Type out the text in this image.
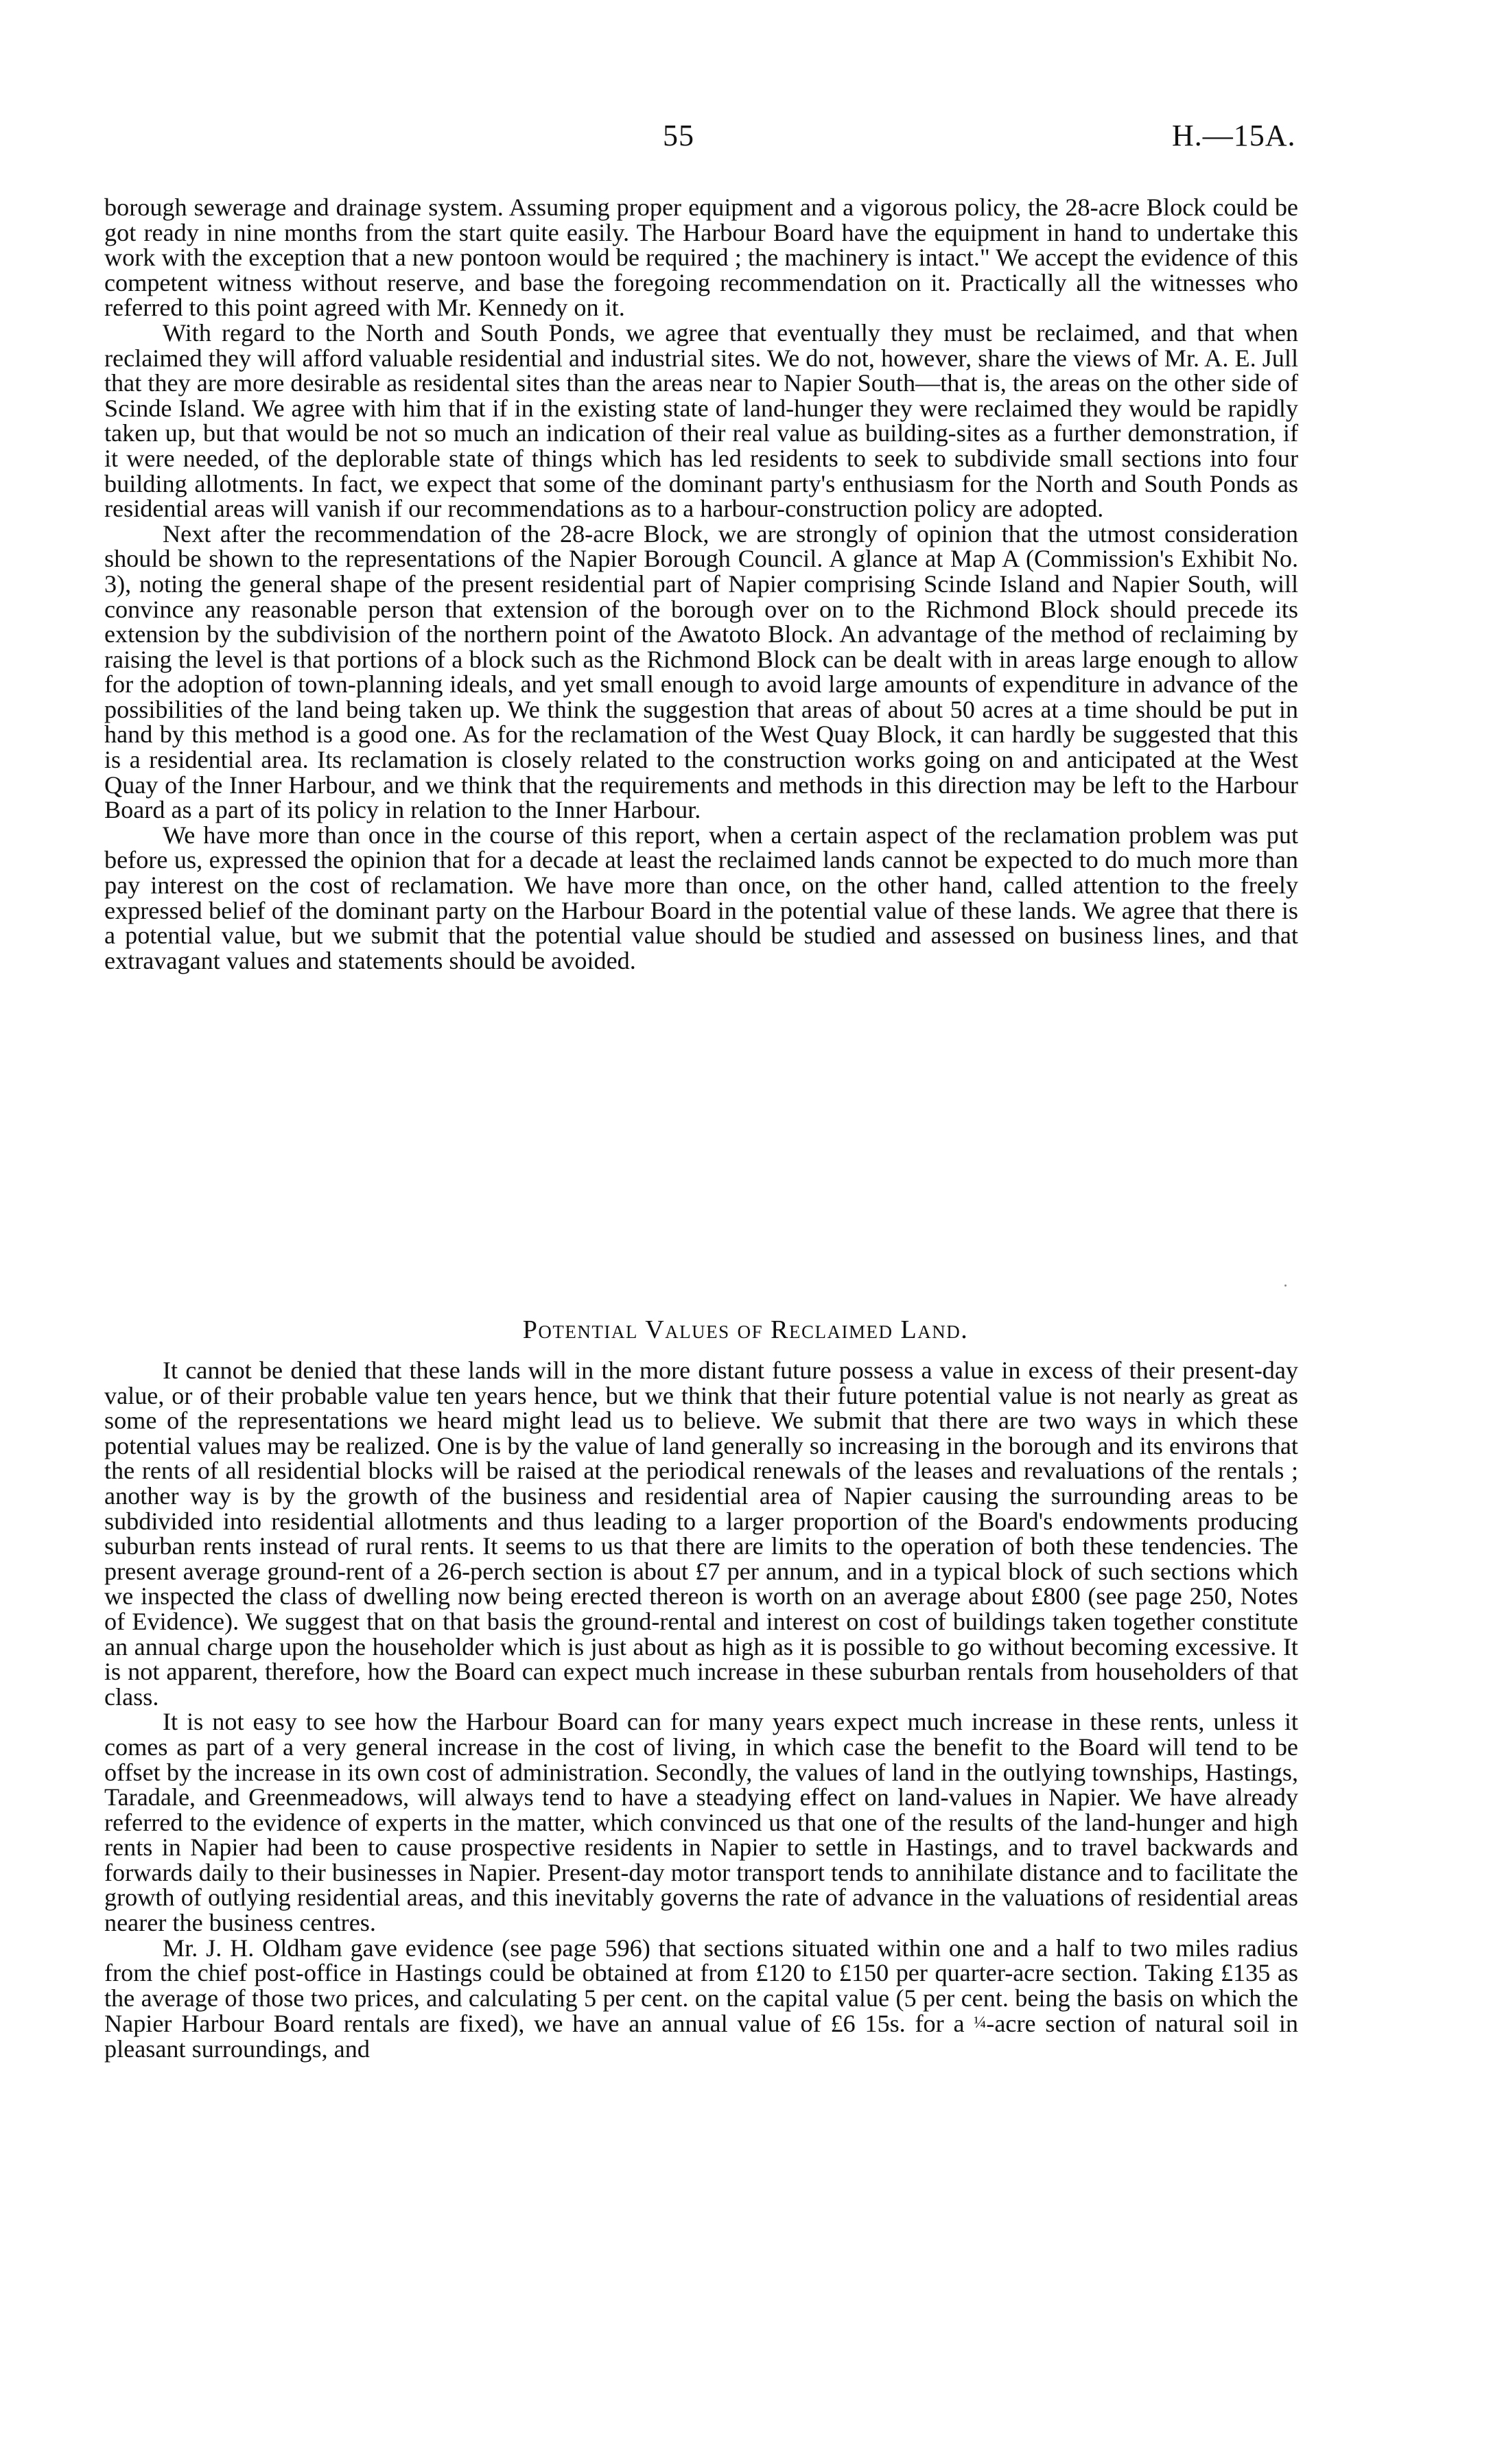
55	H.—15A.

borough sewerage and drainage system. Assuming proper equipment and a vigorous policy, the 28-acre Block could be got ready in nine months from the start quite easily. The Harbour Board have the equipment in hand to undertake this work with the exception that a new pontoon would be required ; the machinery is intact." We accept the evidence of this competent witness without reserve, and base the foregoing recommendation on it. Practically all the witnesses who referred to this point agreed with Mr. Kennedy on it.

With regard to the North and South Ponds, we agree that eventually they must be reclaimed, and that when reclaimed they will afford valuable residential and industrial sites. We do not, however, share the views of Mr. A. E. Jull that they are more desirable as residental sites than the areas near to Napier South—that is, the areas on the other side of Scinde Island. We agree with him that if in the existing state of land-hunger they were reclaimed they would be rapidly taken up, but that would be not so much an indication of their real value as building-sites as a further demonstration, if it were needed, of the deplorable state of things which has led residents to seek to subdivide small sections into four building allotments. In fact, we expect that some of the dominant party's enthusiasm for the North and South Ponds as residential areas will vanish if our recommendations as to a harbour-construction policy are adopted.

Next after the recommendation of the 28-acre Block, we are strongly of opinion that the utmost consideration should be shown to the representations of the Napier Borough Council. A glance at Map A (Commission's Exhibit No. 3), noting the general shape of the present residential part of Napier comprising Scinde Island and Napier South, will convince any reasonable person that extension of the borough over on to the Richmond Block should precede its extension by the subdivision of the northern point of the Awatoto Block. An advantage of the method of reclaiming by raising the level is that portions of a block such as the Richmond Block can be dealt with in areas large enough to allow for the adoption of town-planning ideals, and yet small enough to avoid large amounts of expenditure in advance of the possibilities of the land being taken up. We think the suggestion that areas of about 50 acres at a time should be put in hand by this method is a good one. As for the reclamation of the West Quay Block, it can hardly be suggested that this is a residential area. Its reclamation is closely related to the construction works going on and anticipated at the West Quay of the Inner Harbour, and we think that the requirements and methods in this direction may be left to the Harbour Board as a part of its policy in relation to the Inner Harbour.

We have more than once in the course of this report, when a certain aspect of the reclamation problem was put before us, expressed the opinion that for a decade at least the reclaimed lands cannot be expected to do much more than pay interest on the cost of reclamation. We have more than once, on the other hand, called attention to the freely expressed belief of the dominant party on the Harbour Board in the potential value of these lands. We agree that there is a potential value, but we submit that the potential value should be studied and assessed on business lines, and that extravagant values and statements should be avoided.

Potential Values of Reclaimed Land.

It cannot be denied that these lands will in the more distant future possess a value in excess of their present-day value, or of their probable value ten years hence, but we think that their future potential value is not nearly as great as some of the representations we heard might lead us to believe. We submit that there are two ways in which these potential values may be realized. One is by the value of land generally so increasing in the borough and its environs that the rents of all residential blocks will be raised at the periodical renewals of the leases and revaluations of the rentals ; another way is by the growth of the business and residential area of Napier causing the surrounding areas to be subdivided into residential allotments and thus leading to a larger proportion of the Board's endowments producing suburban rents instead of rural rents. It seems to us that there are limits to the operation of both these tendencies. The present average ground-rent of a 26-perch section is about £7 per annum, and in a typical block of such sections which we inspected the class of dwelling now being erected thereon is worth on an average about £800 (see page 250, Notes of Evidence). We suggest that on that basis the ground-rental and interest on cost of buildings taken together constitute an annual charge upon the householder which is just about as high as it is possible to go without becoming excessive. It is not apparent, therefore, how the Board can expect much increase in these suburban rentals from householders of that class.

It is not easy to see how the Harbour Board can for many years expect much increase in these rents, unless it comes as part of a very general increase in the cost of living, in which case the benefit to the Board will tend to be offset by the increase in its own cost of administration. Secondly, the values of land in the outlying townships, Hastings, Taradale, and Greenmeadows, will always tend to have a steadying effect on land-values in Napier. We have already referred to the evidence of experts in the matter, which convinced us that one of the results of the land-hunger and high rents in Napier had been to cause prospective residents in Napier to settle in Hastings, and to travel backwards and forwards daily to their businesses in Napier. Present-day motor transport tends to annihilate distance and to facilitate the growth of outlying residential areas, and this inevitably governs the rate of advance in the valuations of residential areas nearer the business centres.

Mr. J. H. Oldham gave evidence (see page 596) that sections situated within one and a half to two miles radius from the chief post-office in Hastings could be obtained at from £120 to £150 per quarter-acre section. Taking £135 as the average of those two prices, and calculating 5 per cent. on the capital value (5 per cent. being the basis on which the Napier Harbour Board rentals are fixed), we have an annual value of £6 15s. for a ¼-acre section of natural soil in pleasant surroundings, and
